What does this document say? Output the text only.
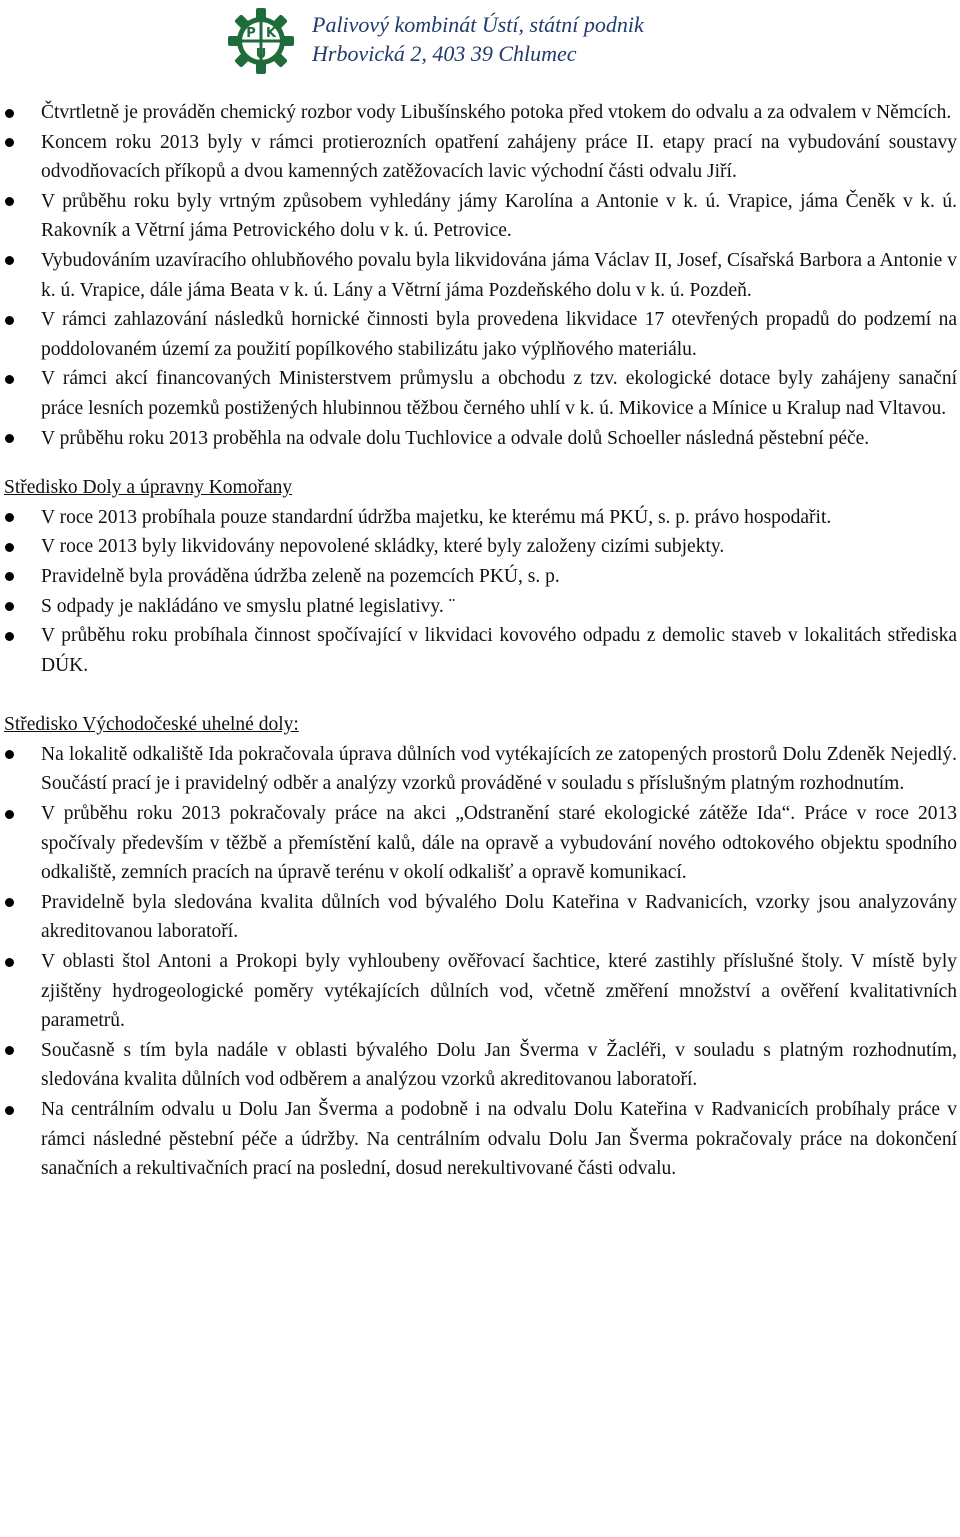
P K
U
Palivový kombinát Ústí, státní podnik
Hrbovická 2, 403 39 Chlumec
Čtvrtletně je prováděn chemický rozbor vody Libušínského potoka před vtokem do odvalu a za odvalem v Němcích.
Koncem roku 2013 byly v rámci protierozních opatření zahájeny práce II. etapy prací na vybudování soustavy odvodňovacích příkopů a dvou kamenných zatěžovacích lavic východní části odvalu Jiří.
V průběhu roku byly vrtným způsobem vyhledány jámy Karolína a Antonie v k. ú. Vrapice, jáma Čeněk v k. ú. Rakovník a Větrní jáma Petrovického dolu v k. ú. Petrovice.
Vybudováním uzavíracího ohlubňového povalu byla likvidována jáma Václav II, Josef, Císařská Barbora a Antonie v k. ú. Vrapice, dále jáma Beata v k. ú. Lány a Větrní jáma Pozdeňského dolu v k. ú. Pozdeň.
V rámci zahlazování následků hornické činnosti byla provedena likvidace 17 otevřených propadů do podzemí na poddolovaném území za použití popílkového stabilizátu jako výplňového materiálu.
V rámci akcí financovaných Ministerstvem průmyslu a obchodu z tzv. ekologické dotace byly zahájeny sanační práce lesních pozemků postižených hlubinnou těžbou černého uhlí v k. ú. Mikovice a Mínice u Kralup nad Vltavou.
V průběhu roku 2013 proběhla na odvale dolu Tuchlovice a odvale dolů Schoeller následná pěstební péče.

Středisko Doly a úpravny Komořany

V roce 2013 probíhala pouze standardní údržba majetku, ke kterému má PKÚ, s. p. právo hospodařit.
V roce 2013 byly likvidovány nepovolené skládky, které byly založeny cizími subjekty.
Pravidelně byla prováděna údržba zeleně na pozemcích PKÚ, s. p.
S odpady je nakládáno ve smyslu platné legislativy. ¨
V průběhu roku probíhala činnost spočívající v likvidaci kovového odpadu z demolic staveb v lokalitách střediska DÚK.

Středisko Východočeské uhelné doly:

Na lokalitě odkaliště Ida pokračovala úprava důlních vod vytékajících ze zatopených prostorů Dolu Zdeněk Nejedlý. Součástí prací je i pravidelný odběr a analýzy vzorků prováděné v souladu s příslušným platným rozhodnutím.
V průběhu roku 2013 pokračovaly práce na akci „Odstranění staré ekologické zátěže Ida“. Práce v roce 2013 spočívaly především v těžbě a přemístění kalů, dále na opravě a vybudování nového odtokového objektu spodního odkaliště, zemních pracích na úpravě terénu v okolí odkališť a opravě komunikací.
Pravidelně byla sledována kvalita důlních vod bývalého Dolu Kateřina v Radvanicích, vzorky jsou analyzovány akreditovanou laboratoří.
V oblasti štol Antoni a Prokopi byly vyhloubeny ověřovací šachtice, které zastihly příslušné štoly. V místě byly zjištěny hydrogeologické poměry vytékajících důlních vod, včetně změření množství a ověření kvalitativních parametrů.
Současně s tím byla nadále v oblasti bývalého Dolu Jan Šverma v Žacléři, v souladu s platným rozhodnutím, sledována kvalita důlních vod odběrem a analýzou vzorků akreditovanou laboratoří.
Na centrálním odvalu u Dolu Jan Šverma a podobně i na odvalu Dolu Kateřina v Radvanicích probíhaly práce v rámci následné pěstební péče a údržby. Na centrálním odvalu Dolu Jan Šverma pokračovaly práce na dokončení sanačních a rekultivačních prací na poslední, dosud nerekultivované části odvalu.
